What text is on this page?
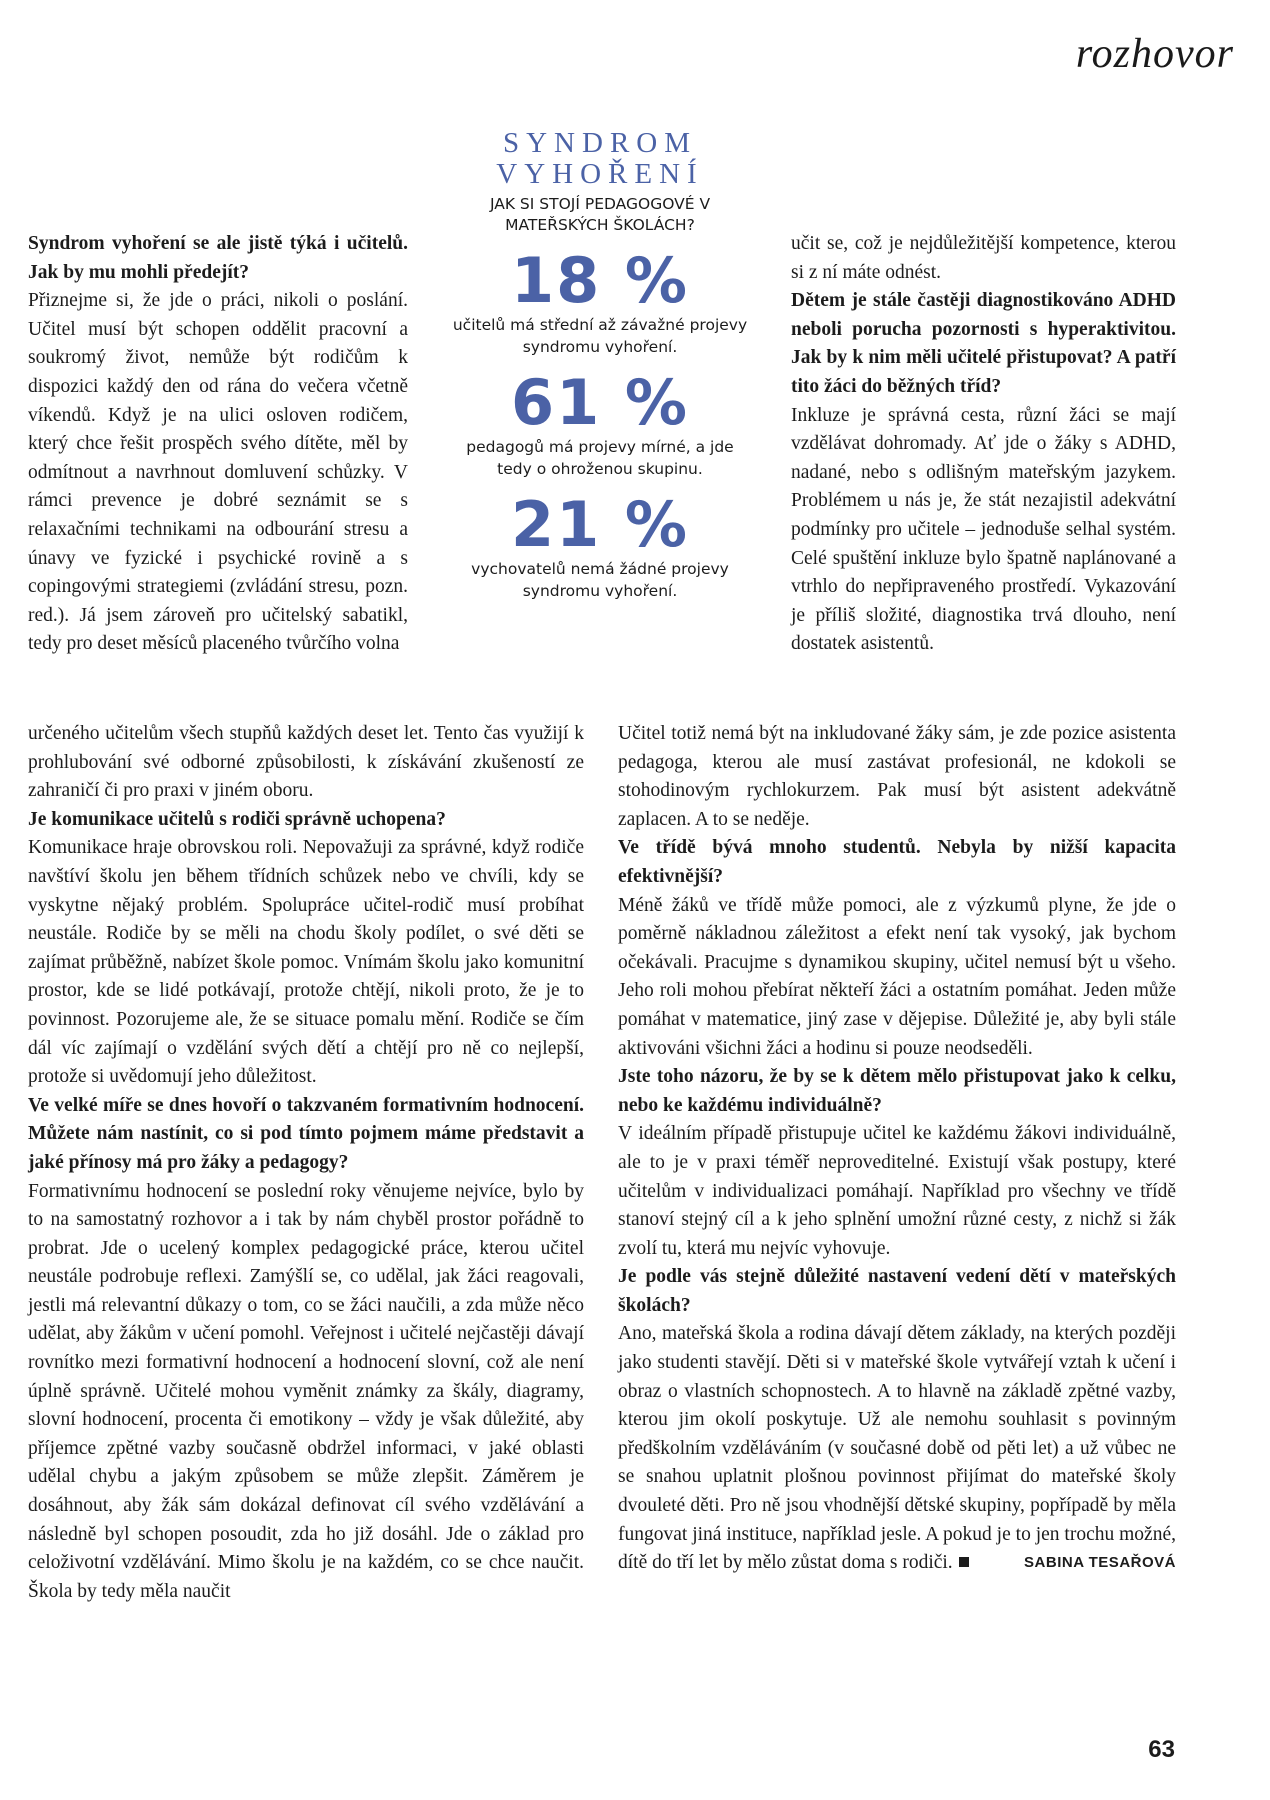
rozhovor
SYNDROM
VYHOŘENÍ
JAK SI STOJÍ PEDAGOGOVÉ V MATEŘSKÝCH ŠKOLÁCH?
18 %
učitelů má střední až závažné projevy syndromu vyhoření.
61 %
pedagogů má projevy mírné, a jde tedy o ohroženou skupinu.
21 %
vychovatelů nemá žádné projevy syndromu vyhoření.

Syndrom vyhoření se ale jistě týká i učitelů. Jak by mu mohli předejít?

Přiznejme si, že jde o práci, nikoli o poslání. Učitel musí být schopen oddělit pracovní a soukromý život, nemůže být rodičům k dispozici každý den od rána do večera včetně víkendů. Když je na ulici osloven rodičem, který chce řešit prospěch svého dítěte, měl by odmítnout a navrhnout domluvení schůzky. V rámci prevence je dobré seznámit se s relaxačními technikami na odbourání stresu a únavy ve fyzické i psychické rovině a s copingovými strategiemi (zvládání stresu, pozn. red.). Já jsem zároveň pro učitelský sabatikl, tedy pro deset měsíců placeného tvůrčího volna

určeného učitelům všech stupňů každých deset let. Tento čas využijí k prohlubování své odborné způsobilosti, k získávání zkušeností ze zahraničí či pro praxi v jiném oboru.

Je komunikace učitelů s rodiči správně uchopena?

Komunikace hraje obrovskou roli. Nepovažuji za správné, když rodiče navštíví školu jen během třídních schůzek nebo ve chvíli, kdy se vyskytne nějaký problém. Spolupráce učitel-rodič musí probíhat neustále. Rodiče by se měli na chodu školy podílet, o své děti se zajímat průběžně, nabízet škole pomoc. Vnímám školu jako komunitní prostor, kde se lidé potkávají, protože chtějí, nikoli proto, že je to povinnost. Pozorujeme ale, že se situace pomalu mění. Rodiče se čím dál víc zajímají o vzdělání svých dětí a chtějí pro ně co nejlepší, protože si uvědomují jeho důležitost.

Ve velké míře se dnes hovoří o takzvaném formativním hodnocení. Můžete nám nastínit, co si pod tímto pojmem máme představit a jaké přínosy má pro žáky a pedagogy?

Formativnímu hodnocení se poslední roky věnujeme nejvíce, bylo by to na samostatný rozhovor a i tak by nám chyběl prostor pořádně to probrat. Jde o ucelený komplex pedagogické práce, kterou učitel neustále podrobuje reflexi. Zamýšlí se, co udělal, jak žáci reagovali, jestli má relevantní důkazy o tom, co se žáci naučili, a zda může něco udělat, aby žákům v učení pomohl. Veřejnost i učitelé nejčastěji dávají rovnítko mezi formativní hodnocení a hodnocení slovní, což ale není úplně správně. Učitelé mohou vyměnit známky za škály, diagramy, slovní hodnocení, procenta či emotikony – vždy je však důležité, aby příjemce zpětné vazby současně obdržel informaci, v jaké oblasti udělal chybu a jakým způsobem se může zlepšit. Záměrem je dosáhnout, aby žák sám dokázal definovat cíl svého vzdělávání a následně byl schopen posoudit, zda ho již dosáhl. Jde o základ pro celoživotní vzdělávání. Mimo školu je na každém, co se chce naučit. Škola by tedy měla naučit

učit se, což je nejdůležitější kompetence, kterou si z ní máte odnést.

Dětem je stále častěji diagnostikováno ADHD neboli porucha pozornosti s hyperaktivitou. Jak by k nim měli učitelé přistupovat? A patří tito žáci do běžných tříd?

Inkluze je správná cesta, různí žáci se mají vzdělávat dohromady. Ať jde o žáky s ADHD, nadané, nebo s odlišným mateřským jazykem. Problémem u nás je, že stát nezajistil adekvátní podmínky pro učitele – jednoduše selhal systém. Celé spuštění inkluze bylo špatně naplánované a vtrhlo do nepřipraveného prostředí. Vykazování je příliš složité, diagnostika trvá dlouho, není dostatek asistentů.

Učitel totiž nemá být na inkludované žáky sám, je zde pozice asistenta pedagoga, kterou ale musí zastávat profesionál, ne kdokoli se stohodinovým rychlokurzem. Pak musí být asistent adekvátně zaplacen. A to se neděje.

Ve třídě bývá mnoho studentů. Nebyla by nižší kapacita efektivnější?

Méně žáků ve třídě může pomoci, ale z výzkumů plyne, že jde o poměrně nákladnou záležitost a efekt není tak vysoký, jak bychom očekávali. Pracujme s dynamikou skupiny, učitel nemusí být u všeho. Jeho roli mohou přebírat někteří žáci a ostatním pomáhat. Jeden může pomáhat v matematice, jiný zase v dějepise. Důležité je, aby byli stále aktivováni všichni žáci a hodinu si pouze neodseděli.

Jste toho názoru, že by se k dětem mělo přistupovat jako k celku, nebo ke každému individuálně?

V ideálním případě přistupuje učitel ke každému žákovi individuálně, ale to je v praxi téměř neproveditelné. Existují však postupy, které učitelům v individualizaci pomáhají. Například pro všechny ve třídě stanoví stejný cíl a k jeho splnění umožní různé cesty, z nichž si žák zvolí tu, která mu nejvíc vyhovuje.

Je podle vás stejně důležité nastavení vedení dětí v mateřských školách?

Ano, mateřská škola a rodina dávají dětem základy, na kterých později jako studenti stavějí. Děti si v mateřské škole vytvářejí vztah k učení i obraz o vlastních schopnostech. A to hlavně na základě zpětné vazby, kterou jim okolí poskytuje. Už ale nemohu souhlasit s povinným předškolním vzděláváním (v současné době od pěti let) a už vůbec ne se snahou uplatnit plošnou povinnost přijímat do mateřské školy dvouleté děti. Pro ně jsou vhodnější dětské skupiny, popřípadě by měla fungovat jiná instituce, například jesle. A pokud je to jen trochu možné, dítě do tří let by mělo zůstat doma s rodiči.	SABINA TESAŘOVÁ

63
